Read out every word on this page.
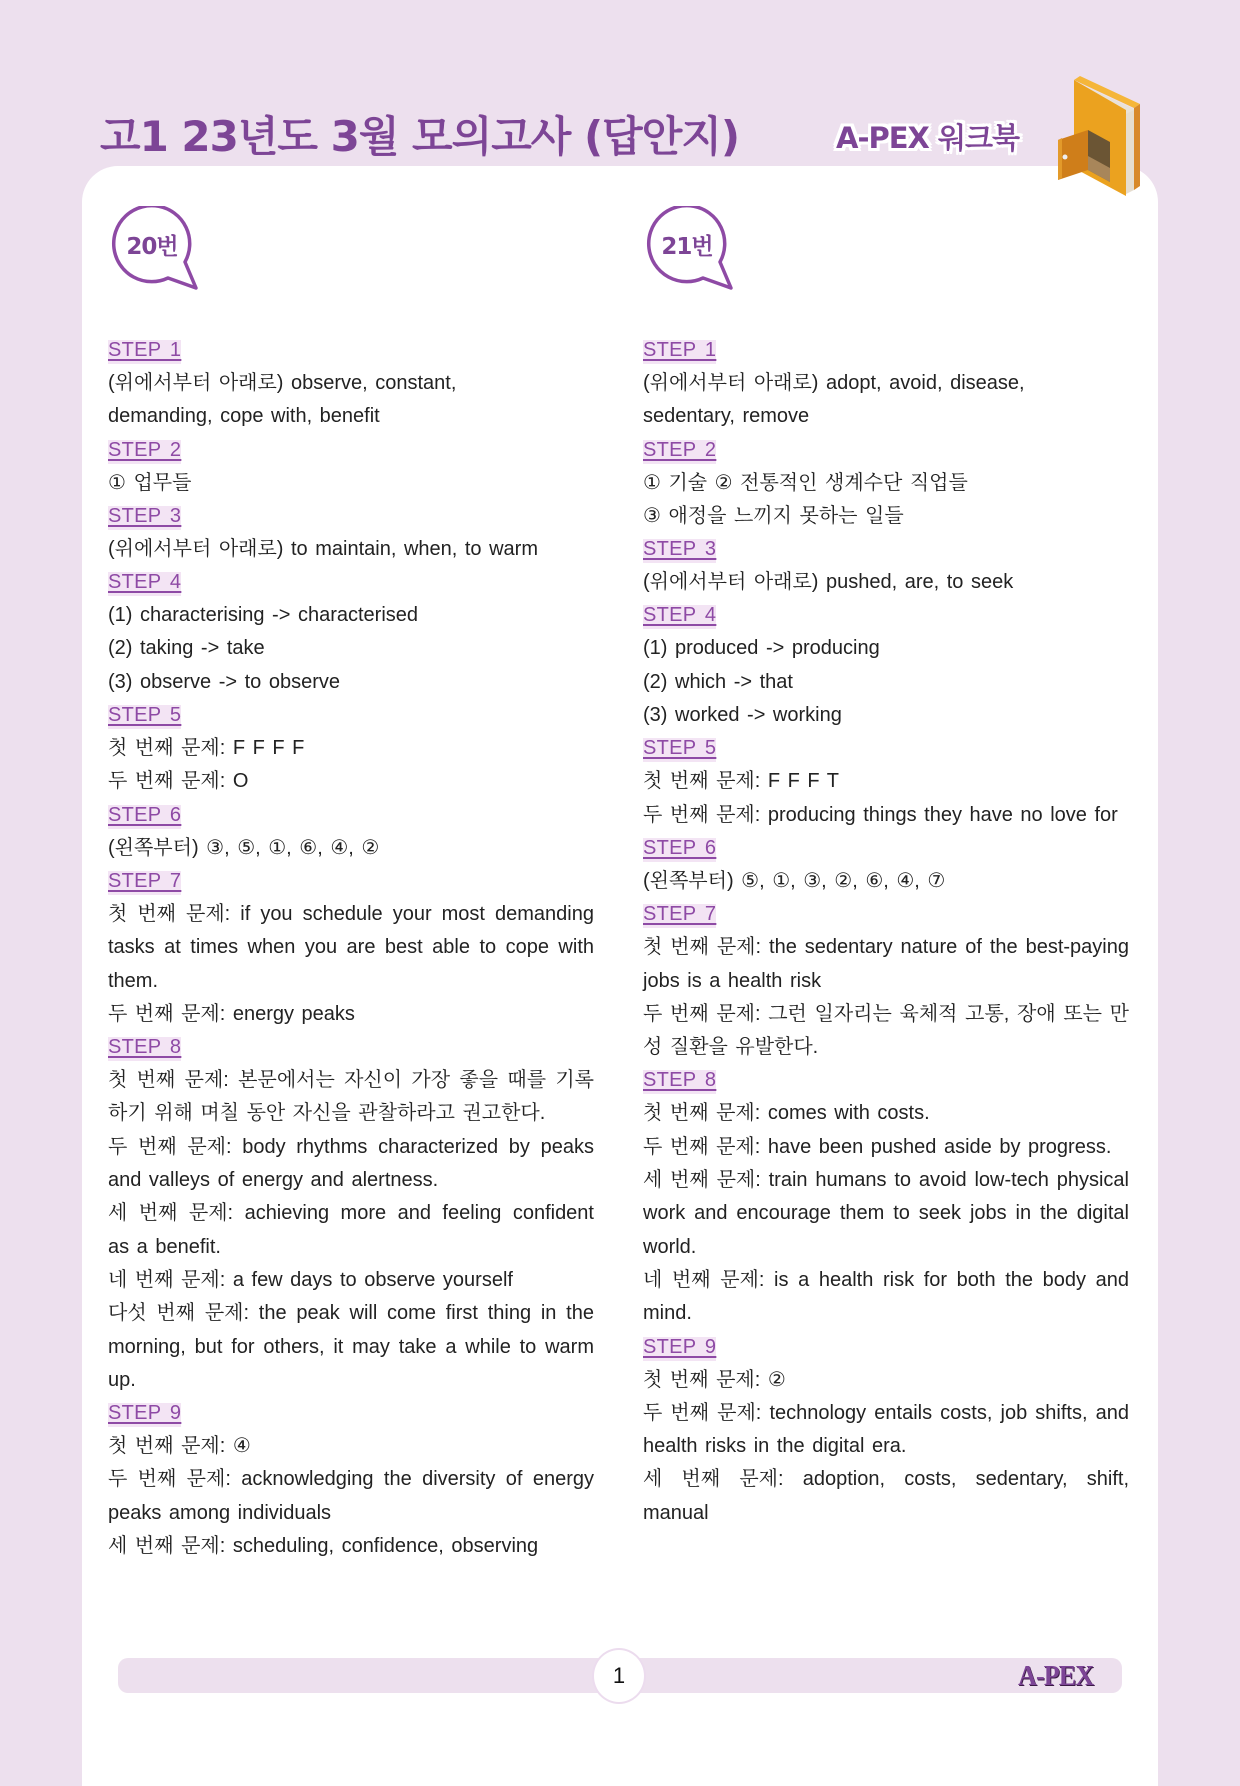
고1 23년도 3월 모의고사 (답안지)	A-PEX 워크북
20번
STEP 1
(위에서부터 아래로) observe, constant,
demanding, cope with, benefit
STEP 2
① 업무들
STEP 3
(위에서부터 아래로) to maintain, when, to warm
STEP 4
(1) characterising -> characterised
(2) taking -> take
(3) observe -> to observe
STEP 5
첫 번째 문제: F F F F
두 번째 문제: O
STEP 6
(왼쪽부터) ③, ⑤, ①, ⑥, ④, ②
STEP 7
첫 번째 문제: if you schedule your most demanding tasks at times when you are best able to cope with them.
두 번째 문제: energy peaks
STEP 8
첫 번째 문제: 본문에서는 자신이 가장 좋을 때를 기록하기 위해 며칠 동안 자신을 관찰하라고 권고한다.
두 번째 문제: body rhythms characterized by peaks and valleys of energy and alertness.
세 번째 문제: achieving more and feeling confident as a benefit.
네 번째 문제: a few days to observe yourself
다섯 번째 문제: the peak will come first thing in the morning, but for others, it may take a while to warm up.
STEP 9
첫 번째 문제: ④
두 번째 문제: acknowledging the diversity of energy peaks among individuals
세 번째 문제: scheduling, confidence, observing
21번
STEP 1
(위에서부터 아래로) adopt, avoid, disease,
sedentary, remove
STEP 2
① 기술 ② 전통적인 생계수단 직업들
③ 애정을 느끼지 못하는 일들
STEP 3
(위에서부터 아래로) pushed, are, to seek
STEP 4
(1) produced -> producing
(2) which -> that
(3) worked -> working
STEP 5
첫 번째 문제: F F F T
두 번째 문제: producing things they have no love for
STEP 6
(왼쪽부터) ⑤, ①, ③, ②, ⑥, ④, ⑦
STEP 7
첫 번째 문제: the sedentary nature of the best-paying jobs is a health risk
두 번째 문제: 그런 일자리는 육체적 고통, 장애 또는 만성 질환을 유발한다.
STEP 8
첫 번째 문제: comes with costs.
두 번째 문제: have been pushed aside by progress.
세 번째 문제: train humans to avoid low-tech physical work and encourage them to seek jobs in the digital world.
네 번째 문제: is a health risk for both the body and mind.
STEP 9
첫 번째 문제: ②
두 번째 문제: technology entails costs, job shifts, and health risks in the digital era.
세 번째 문제: adoption, costs, sedentary, shift, manual
1	A-PEX
